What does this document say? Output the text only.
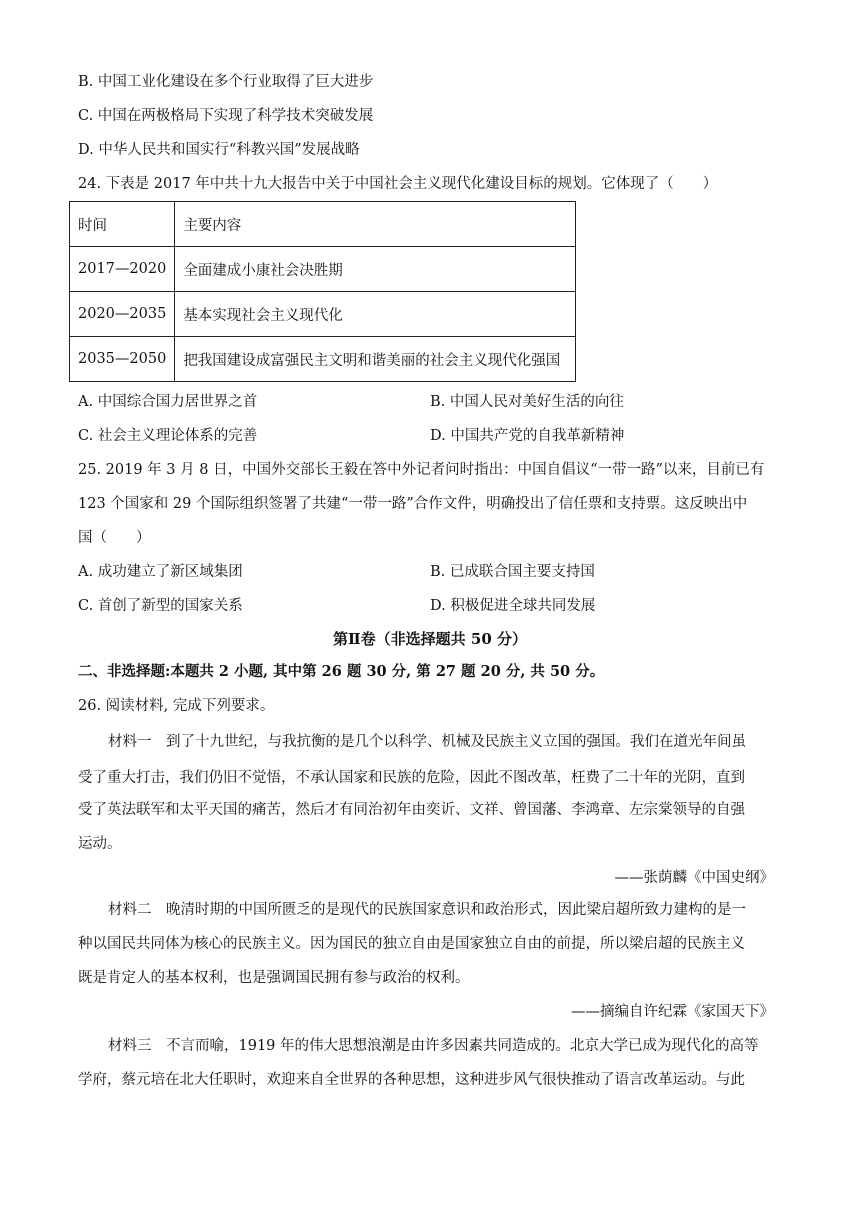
B. 中国工业化建设在多个行业取得了巨大进步
C. 中国在两极格局下实现了科学技术突破发展
D. 中华人民共和国实行“科教兴国”发展战略
24. 下表是 2017 年中共十九大报告中关于中国社会主义现代化建设目标的规划。它体现了（　　）
时间	主要内容
2017—2020	全面建成小康社会决胜期
2020—2035	基本实现社会主义现代化
2035—2050	把我国建设成富强民主文明和谐美丽的社会主义现代化强国
A. 中国综合国力居世界之首	B. 中国人民对美好生活的向往
C. 社会主义理论体系的完善	D. 中国共产党的自我革新精神
25. 2019 年 3 月 8 日，中国外交部长王毅在答中外记者问时指出：中国自倡议“一带一路”以来，目前已有
123 个国家和 29 个国际组织签署了共建“一带一路”合作文件，明确投出了信任票和支持票。这反映出中
国（　　）
A. 成功建立了新区域集团	B. 已成联合国主要支持国
C. 首创了新型的国家关系	D. 积极促进全球共同发展
第Ⅱ卷（非选择题共 50 分）
二、非选择题:本题共 2 小题, 其中第 26 题 30 分, 第 27 题 20 分, 共 50 分。
26. 阅读材料, 完成下列要求。
材料一　到了十九世纪，与我抗衡的是几个以科学、机械及民族主义立国的强国。我们在道光年间虽
受了重大打击，我们仍旧不觉悟，不承认国家和民族的危险，因此不图改革，枉费了二十年的光阴，直到
受了英法联军和太平天国的痛苦，然后才有同治初年由奕䜣、文祥、曾国藩、李鸿章、左宗棠领导的自强
运动。
——张荫麟《中国史纲》
材料二　晚清时期的中国所匮乏的是现代的民族国家意识和政治形式，因此梁启超所致力建构的是一
种以国民共同体为核心的民族主义。因为国民的独立自由是国家独立自由的前提，所以梁启超的民族主义
既是肯定人的基本权利，也是强调国民拥有参与政治的权利。
——摘编自许纪霖《家国天下》
材料三　不言而喻，1919 年的伟大思想浪潮是由许多因素共同造成的。北京大学已成为现代化的高等
学府，蔡元培在北大任职时，欢迎来自全世界的各种思想，这种进步风气很快推动了语言改革运动。与此
